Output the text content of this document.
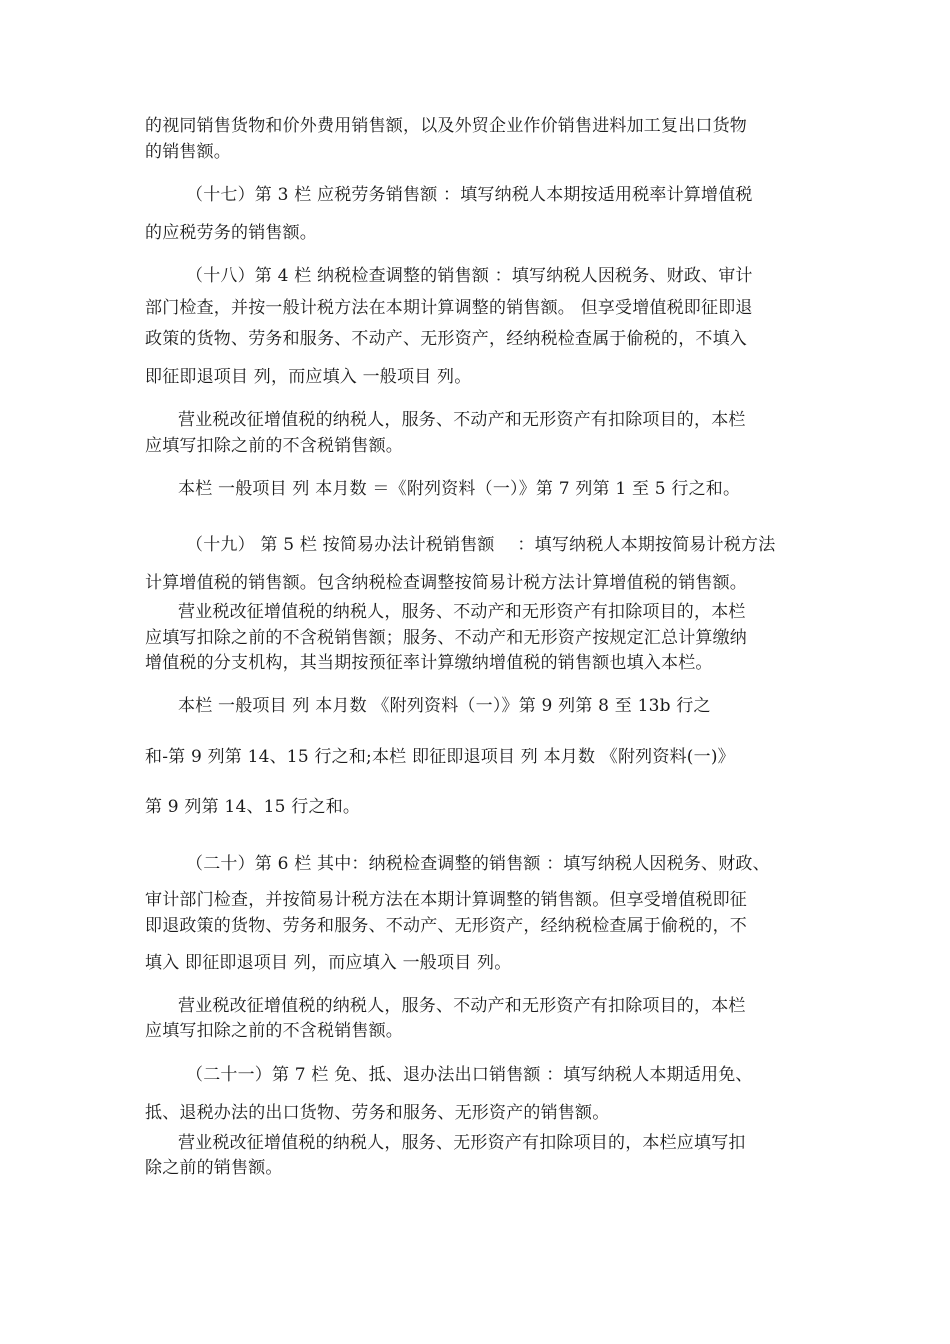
的视同销售货物和价外费用销售额，以及外贸企业作价销售进料加工复出口货物
的销售额。
（十七）第 3 栏 应税劳务销售额 ：填写纳税人本期按适用税率计算增值税
的应税劳务的销售额。
（十八）第 4 栏 纳税检查调整的销售额 ：填写纳税人因税务、财政、审计
部门检查，并按一般计税方法在本期计算调整的销售额。 但享受增值税即征即退
政策的货物、劳务和服务、不动产、无形资产，经纳税检查属于偷税的，不填入
即征即退项目 列，而应填入 一般项目 列。
营业税改征增值税的纳税人，服务、不动产和无形资产有扣除项目的，本栏
应填写扣除之前的不含税销售额。
本栏 一般项目 列 本月数 ＝《附列资料（一）》第 7 列第 1 至 5 行之和。
（十九） 第 5 栏 按简易办法计税销售额　 ：填写纳税人本期按简易计税方法
计算增值税的销售额。包含纳税检查调整按简易计税方法计算增值税的销售额。
营业税改征增值税的纳税人，服务、不动产和无形资产有扣除项目的，本栏
应填写扣除之前的不含税销售额；服务、不动产和无形资产按规定汇总计算缴纳
增值税的分支机构，其当期按预征率计算缴纳增值税的销售额也填入本栏。
本栏 一般项目 列 本月数 《附列资料（一）》第 9 列第 8 至 13b 行之
和-第 9 列第 14、15 行之和;本栏 即征即退项目 列 本月数 《附列资料(一)》
第 9 列第 14、15 行之和。
（二十）第 6 栏 其中：纳税检查调整的销售额 ：填写纳税人因税务、财政、
审计部门检查，并按简易计税方法在本期计算调整的销售额。但享受增值税即征
即退政策的货物、劳务和服务、不动产、无形资产，经纳税检查属于偷税的，不
填入 即征即退项目 列，而应填入 一般项目 列。
营业税改征增值税的纳税人，服务、不动产和无形资产有扣除项目的，本栏
应填写扣除之前的不含税销售额。
（二十一）第 7 栏 免、抵、退办法出口销售额 ：填写纳税人本期适用免、
抵、退税办法的出口货物、劳务和服务、无形资产的销售额。
营业税改征增值税的纳税人，服务、无形资产有扣除项目的，本栏应填写扣
除之前的销售额。
